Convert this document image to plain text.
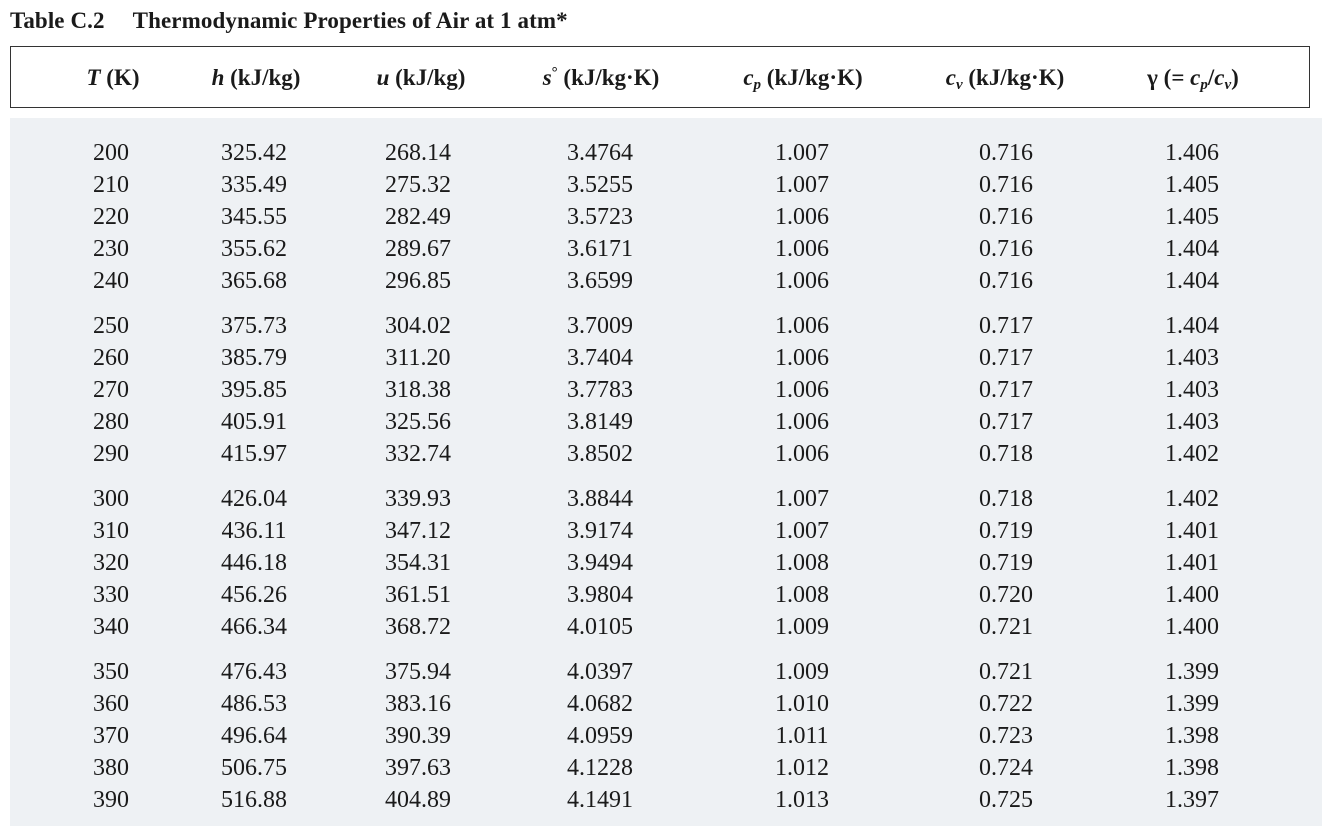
Table C.2 Thermodynamic Properties of Air at 1 atm*
T (K)	h (kJ/kg)	u (kJ/kg)	s° (kJ/kg·K)	$c_p$ (kJ/kg·K)	$c_v$ (kJ/kg·K)	γ (= $c_p/c_v$)
200	325.42	268.14	3.4764	1.007	0.716	1.406
210	335.49	275.32	3.5255	1.007	0.716	1.405
220	345.55	282.49	3.5723	1.006	0.716	1.405
230	355.62	289.67	3.6171	1.006	0.716	1.404
240	365.68	296.85	3.6599	1.006	0.716	1.404
250	375.73	304.02	3.7009	1.006	0.717	1.404
260	385.79	311.20	3.7404	1.006	0.717	1.403
270	395.85	318.38	3.7783	1.006	0.717	1.403
280	405.91	325.56	3.8149	1.006	0.717	1.403
290	415.97	332.74	3.8502	1.006	0.718	1.402
300	426.04	339.93	3.8844	1.007	0.718	1.402
310	436.11	347.12	3.9174	1.007	0.719	1.401
320	446.18	354.31	3.9494	1.008	0.719	1.401
330	456.26	361.51	3.9804	1.008	0.720	1.400
340	466.34	368.72	4.0105	1.009	0.721	1.400
350	476.43	375.94	4.0397	1.009	0.721	1.399
360	486.53	383.16	4.0682	1.010	0.722	1.399
370	496.64	390.39	4.0959	1.011	0.723	1.398
380	506.75	397.63	4.1228	1.012	0.724	1.398
390	516.88	404.89	4.1491	1.013	0.725	1.397
